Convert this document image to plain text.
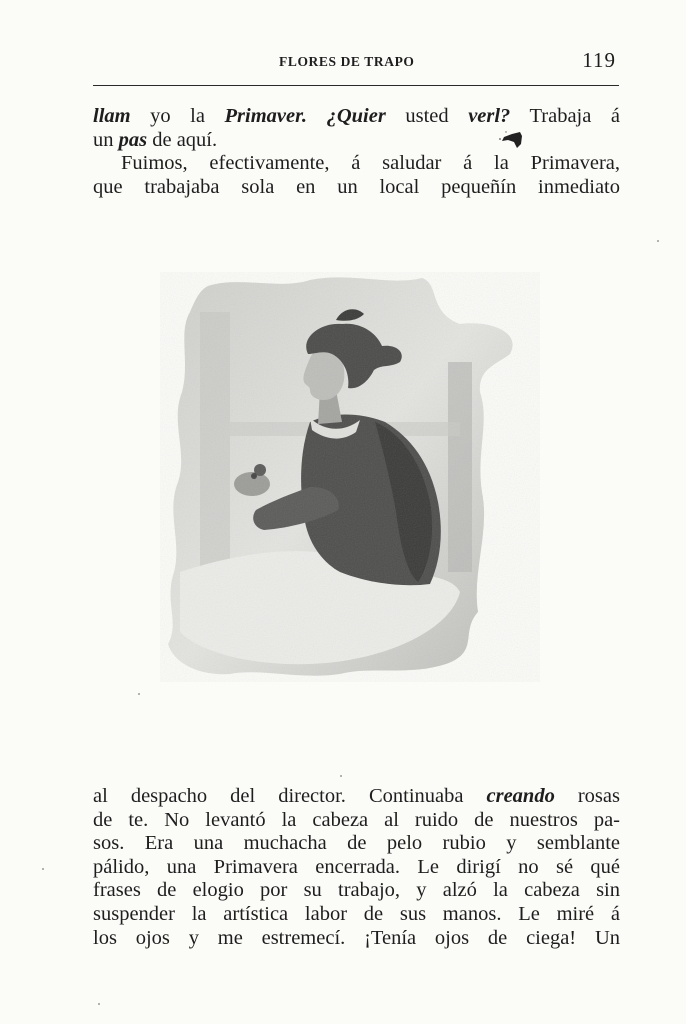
FLORES DE TRAPO	119
llam yo la Primaver. ¿Quier usted verl? Trabaja á
un pas de aquí.
Fuimos, efectivamente, á saludar á la Primavera,
que trabajaba sola en un local pequeñín inmediato
al despacho del director. Continuaba creando rosas
de te. No levantó la cabeza al ruido de nuestros pa-
sos. Era una muchacha de pelo rubio y semblante
pálido, una Primavera encerrada. Le dirigí no sé qué
frases de elogio por su trabajo, y alzó la cabeza sin
suspender la artística labor de sus manos. Le miré á
los ojos y me estremecí. ¡Tenía ojos de ciega! Un
